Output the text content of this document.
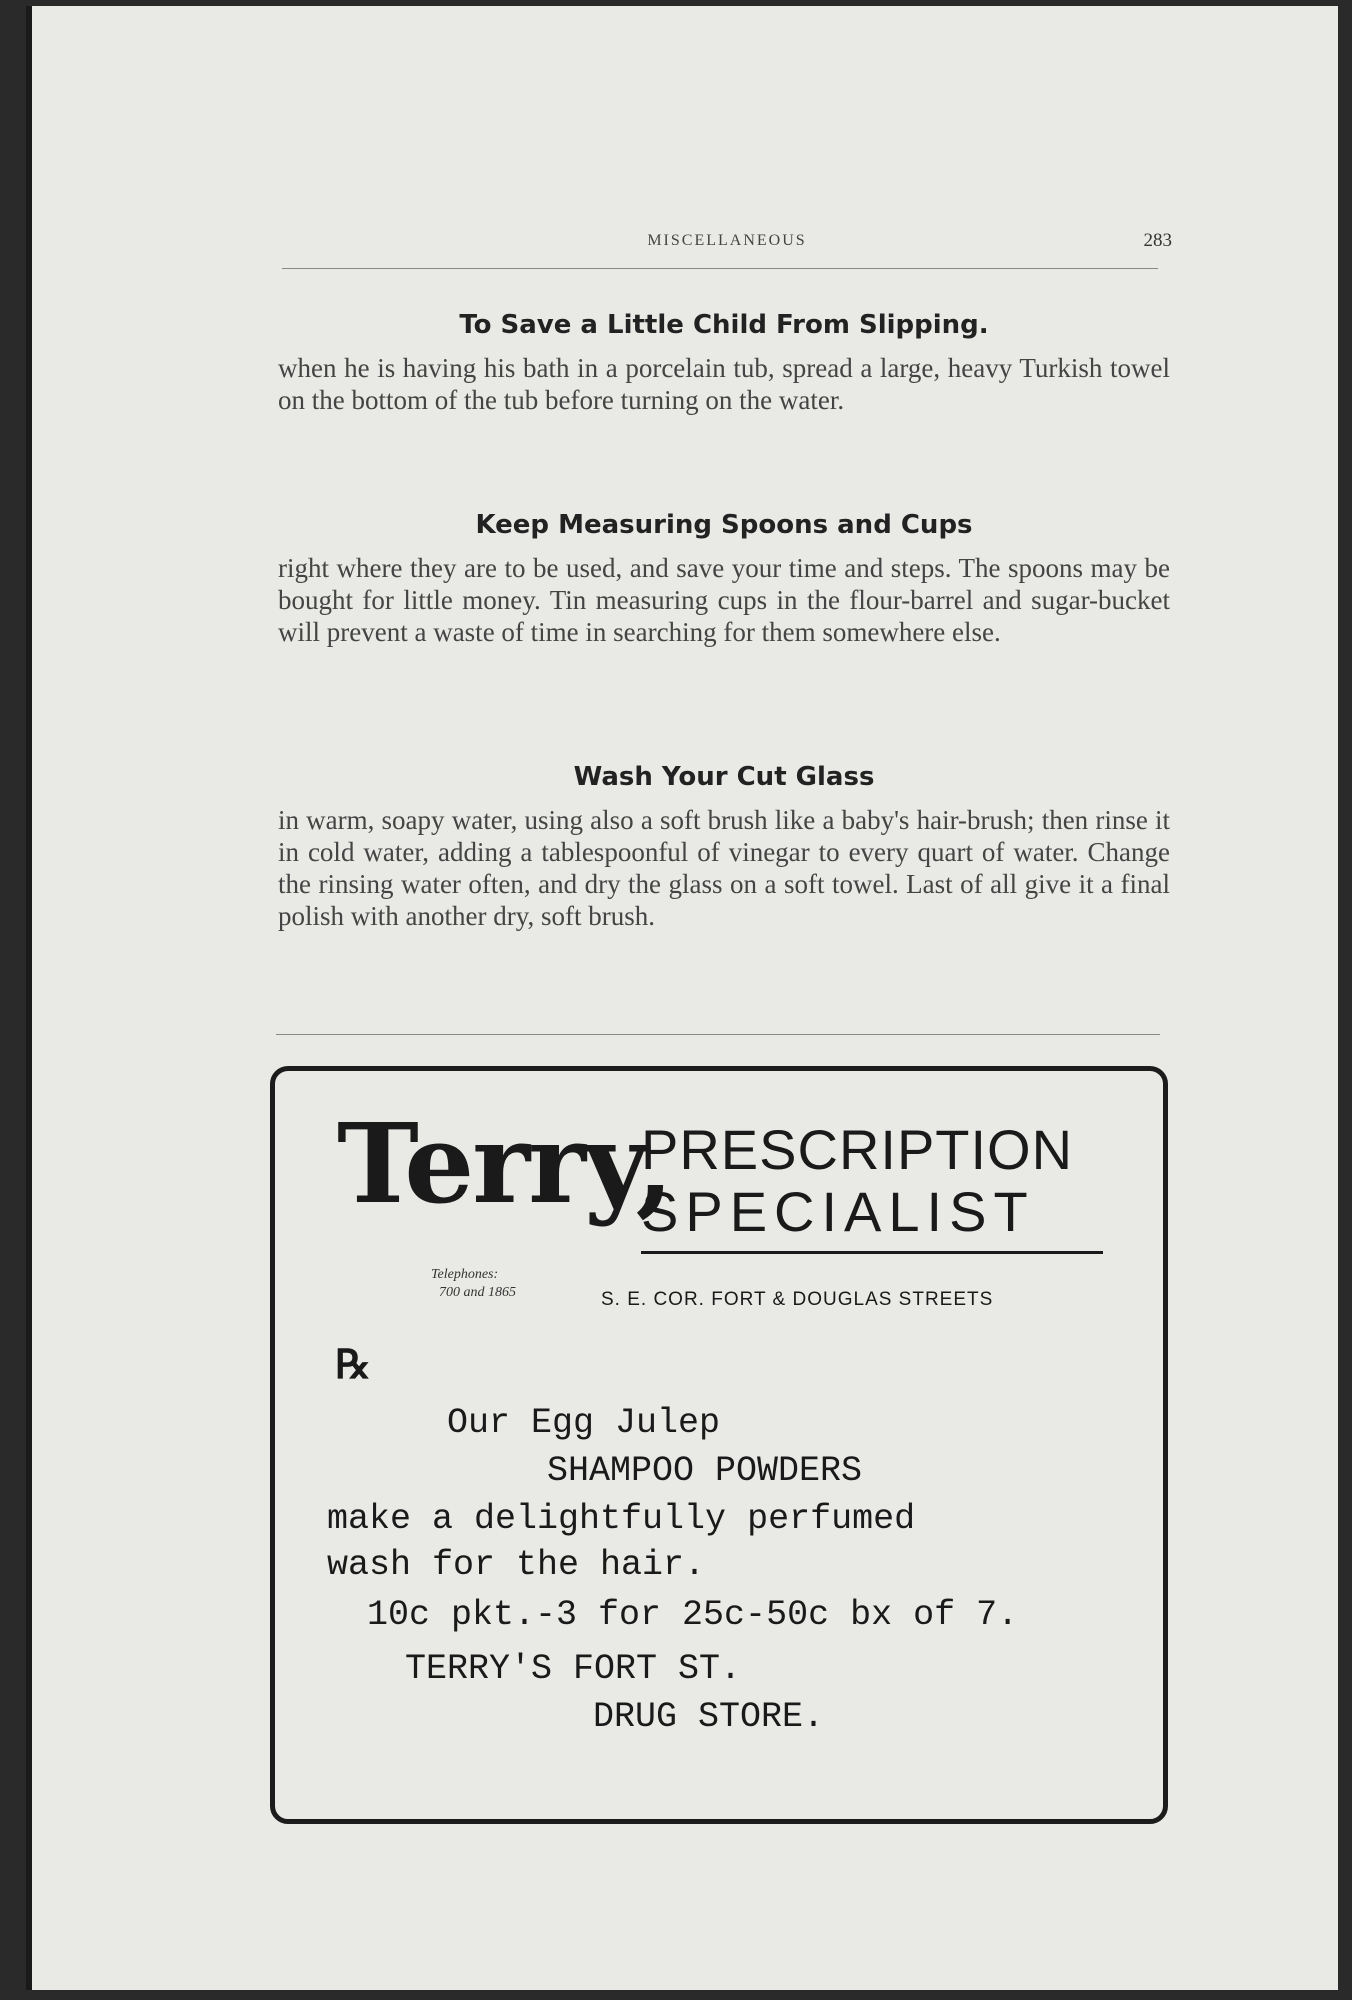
MISCELLANEOUS	283
To Save a Little Child From Slipping.

when he is having his bath in a porcelain tub, spread a large, heavy Turkish towel on the bottom of the tub before turning on the water.

Keep Measuring Spoons and Cups

right where they are to be used, and save your time and steps. The spoons may be bought for little money. Tin measuring cups in the flour-barrel and sugar-bucket will prevent a waste of time in searching for them somewhere else.

Wash Your Cut Glass

in warm, soapy water, using also a soft brush like a baby's hair-brush; then rinse it in cold water, adding a tablespoonful of vinegar to every quart of water. Change the rinsing water often, and dry the glass on a soft towel. Last of all give it a final polish with another dry, soft brush.

Terry,
PRESCRIPTION
SPECIALIST
Telephones:
700 and 1865	S. E. COR. FORT & DOUGLAS STREETS
℞
Our Egg Julep
SHAMPOO POWDERS
make a delightfully perfumed
wash for the hair.
10c pkt.-3 for 25c-50c bx of 7.
TERRY'S FORT ST.
DRUG STORE.
